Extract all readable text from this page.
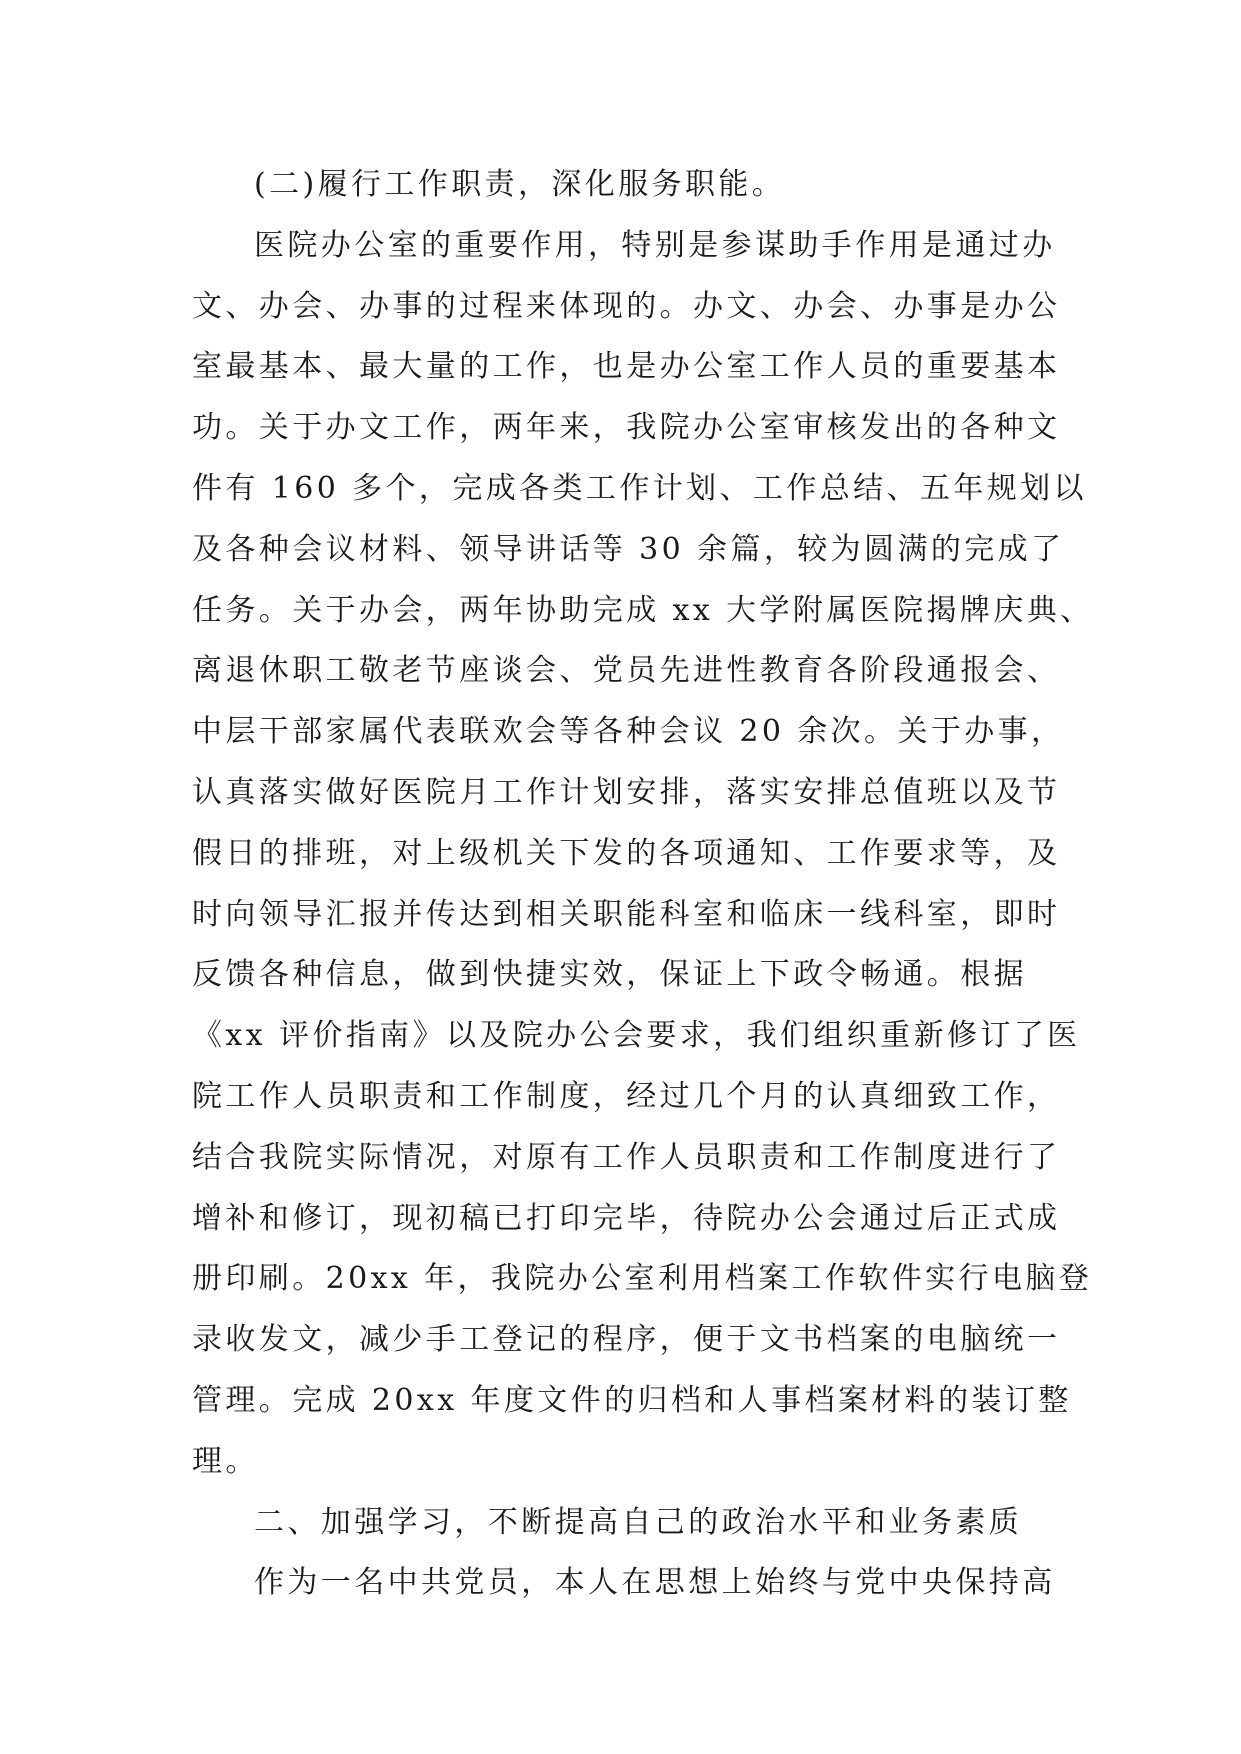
(二)履行工作职责，深化服务职能。
医院办公室的重要作用，特别是参谋助手作用是通过办
文、办会、办事的过程来体现的。办文、办会、办事是办公
室最基本、最大量的工作，也是办公室工作人员的重要基本
功。关于办文工作，两年来，我院办公室审核发出的各种文
件有 160 多个，完成各类工作计划、工作总结、五年规划以
及各种会议材料、领导讲话等 30 余篇，较为圆满的完成了
任务。关于办会，两年协助完成 xx 大学附属医院揭牌庆典、
离退休职工敬老节座谈会、党员先进性教育各阶段通报会、
中层干部家属代表联欢会等各种会议 20 余次。关于办事，
认真落实做好医院月工作计划安排，落实安排总值班以及节
假日的排班，对上级机关下发的各项通知、工作要求等，及
时向领导汇报并传达到相关职能科室和临床一线科室，即时
反馈各种信息，做到快捷实效，保证上下政令畅通。根据
《xx 评价指南》以及院办公会要求，我们组织重新修订了医
院工作人员职责和工作制度，经过几个月的认真细致工作，
结合我院实际情况，对原有工作人员职责和工作制度进行了
增补和修订，现初稿已打印完毕，待院办公会通过后正式成
册印刷。20xx 年，我院办公室利用档案工作软件实行电脑登
录收发文，减少手工登记的程序，便于文书档案的电脑统一
管理。完成 20xx 年度文件的归档和人事档案材料的装订整
理。
二、加强学习，不断提高自己的政治水平和业务素质
作为一名中共党员，本人在思想上始终与党中央保持高
